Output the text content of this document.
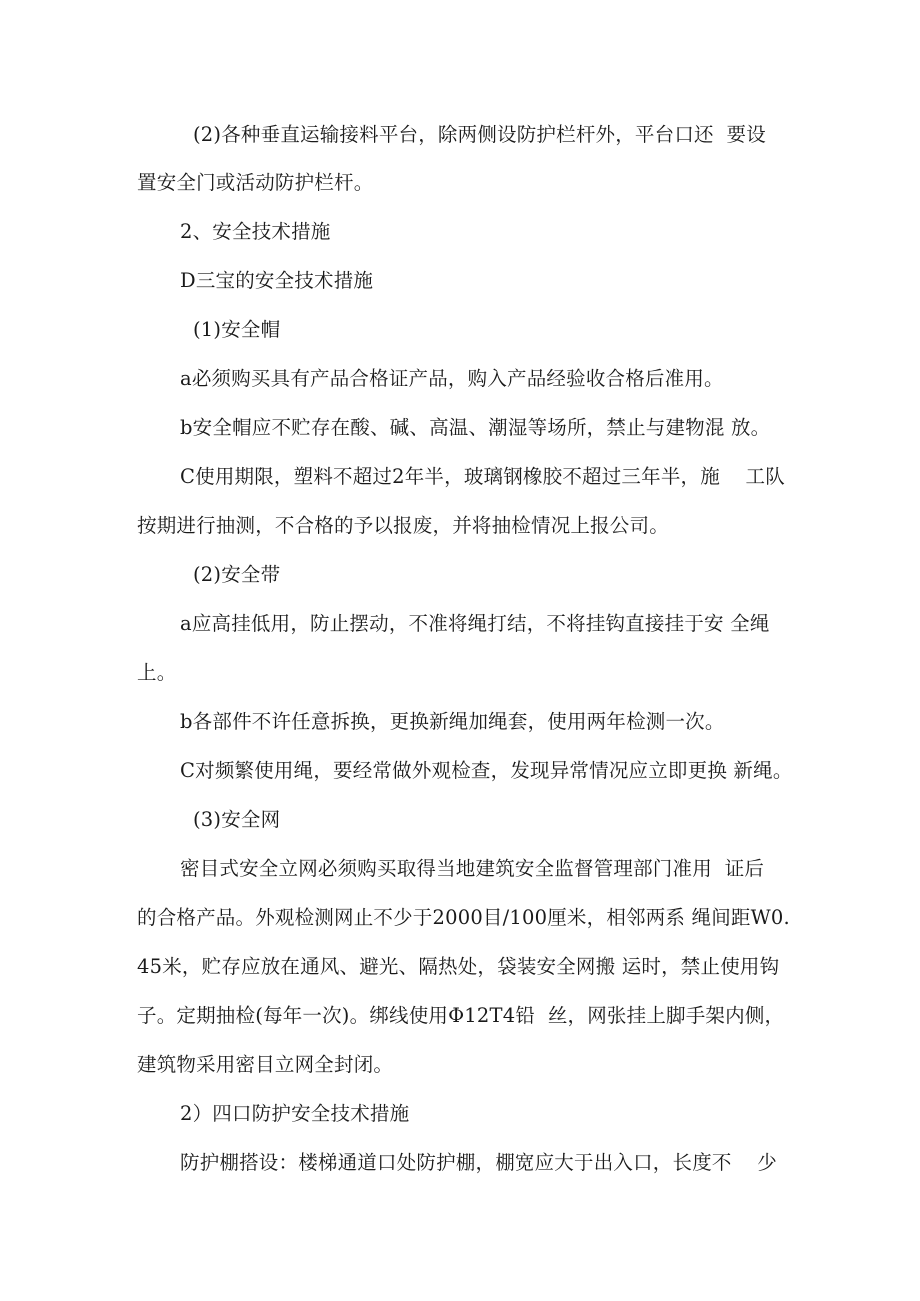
(2)各种垂直运输接料平台，除两侧设防护栏杆外，平台口还  要设
置安全门或活动防护栏杆。
2、安全技术措施
D三宝的安全技术措施
(1)安全帽
a必须购买具有产品合格证产品，购入产品经验收合格后准用。
b安全帽应不贮存在酸、碱、高温、潮湿等场所，禁止与建物混 放。
C使用期限，塑料不超过2年半，玻璃钢橡胶不超过三年半，施    工队
按期进行抽测，不合格的予以报废，并将抽检情况上报公司。
(2)安全带
a应高挂低用，防止摆动，不准将绳打结，不将挂钩直接挂于安 全绳
上。
b各部件不许任意拆换，更换新绳加绳套，使用两年检测一次。
C对频繁使用绳，要经常做外观检查，发现异常情况应立即更换 新绳。
(3)安全网
密目式安全立网必须购买取得当地建筑安全监督管理部门准用  证后
的合格产品。外观检测网止不少于2000目/100厘米，相邻两系 绳间距W0.
45米，贮存应放在通风、避光、隔热处，袋装安全网搬 运时，禁止使用钩
子。定期抽检(每年一次)。绑线使用Φ12T4铅  丝，网张挂上脚手架内侧，
建筑物采用密目立网全封闭。
2）四口防护安全技术措施
防护棚搭设：楼梯通道口处防护棚，棚宽应大于出入口，长度不    少
